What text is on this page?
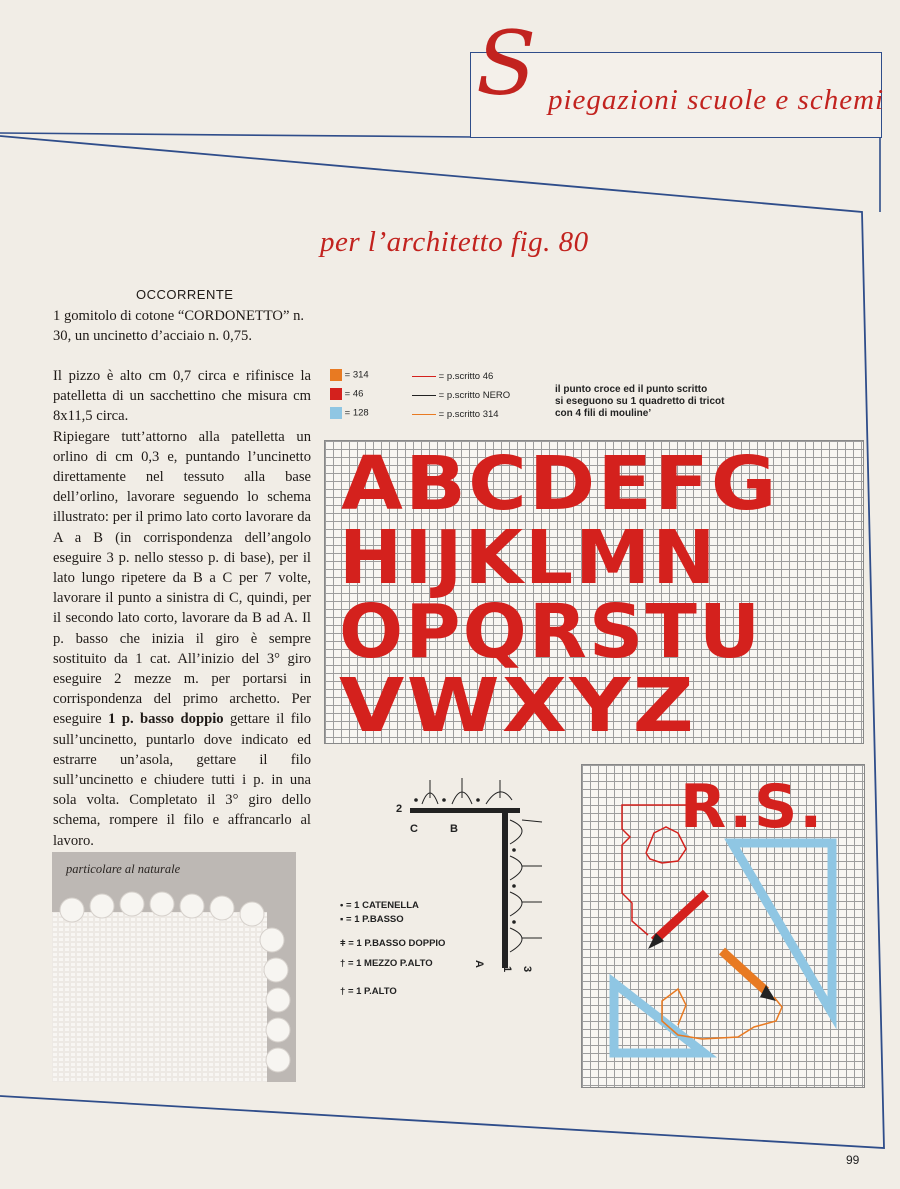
S piegazioni scuole e schemi
per l’architetto fig. 80
OCCORRENTE
1 gomitolo di cotone “CORDONETTO” n. 30, un uncinetto d’acciaio n. 0,75.
Il pizzo è alto cm 0,7 circa e rifinisce la patelletta di un sacchettino che misura cm 8x11,5 circa.
Ripiegare tutt’attorno alla patelletta un orlino di cm 0,3 e, puntando l’uncinetto direttamente nel tessuto alla base dell’orlino, lavorare seguendo lo schema illustrato: per il primo lato corto lavorare da A a B (in corrispondenza dell’angolo eseguire 3 p. nello stesso p. di base), per il lato lungo ripetere da B a C per 7 volte, lavorare il punto a sinistra di C, quindi, per il secondo lato corto, lavorare da B ad A. Il p. basso che inizia il giro è sempre sostituito da 1 cat. All’inizio del 3° giro eseguire 2 mezze m. per portarsi in corrispondenza del primo archetto. Per eseguire 1 p. basso doppio gettare il filo sull’uncinetto, puntarlo dove indicato ed estrarre un’asola, gettare il filo sull’uncinetto e chiudere tutti i p. in una sola volta. Completato il 3° giro dello schema, rompere il filo e affrancarlo al lavoro.
= 314
= 46
= 128
= p.scritto 46
= p.scritto NERO
= p.scritto 314
il punto croce ed il punto scritto
si eseguono su 1 quadretto di tricot
con 4 fili di mouline’
ABCDEFG
HIJKLMN
OPQRSTU
VWXYZ
R.S.
2
C	B
A
1 3
• = 1 CATENELLA
▪ = 1 P.BASSO
ǂ = 1 P.BASSO DOPPIO
† = 1 MEZZO P.ALTO
† = 1 P.ALTO
particolare al naturale
99
